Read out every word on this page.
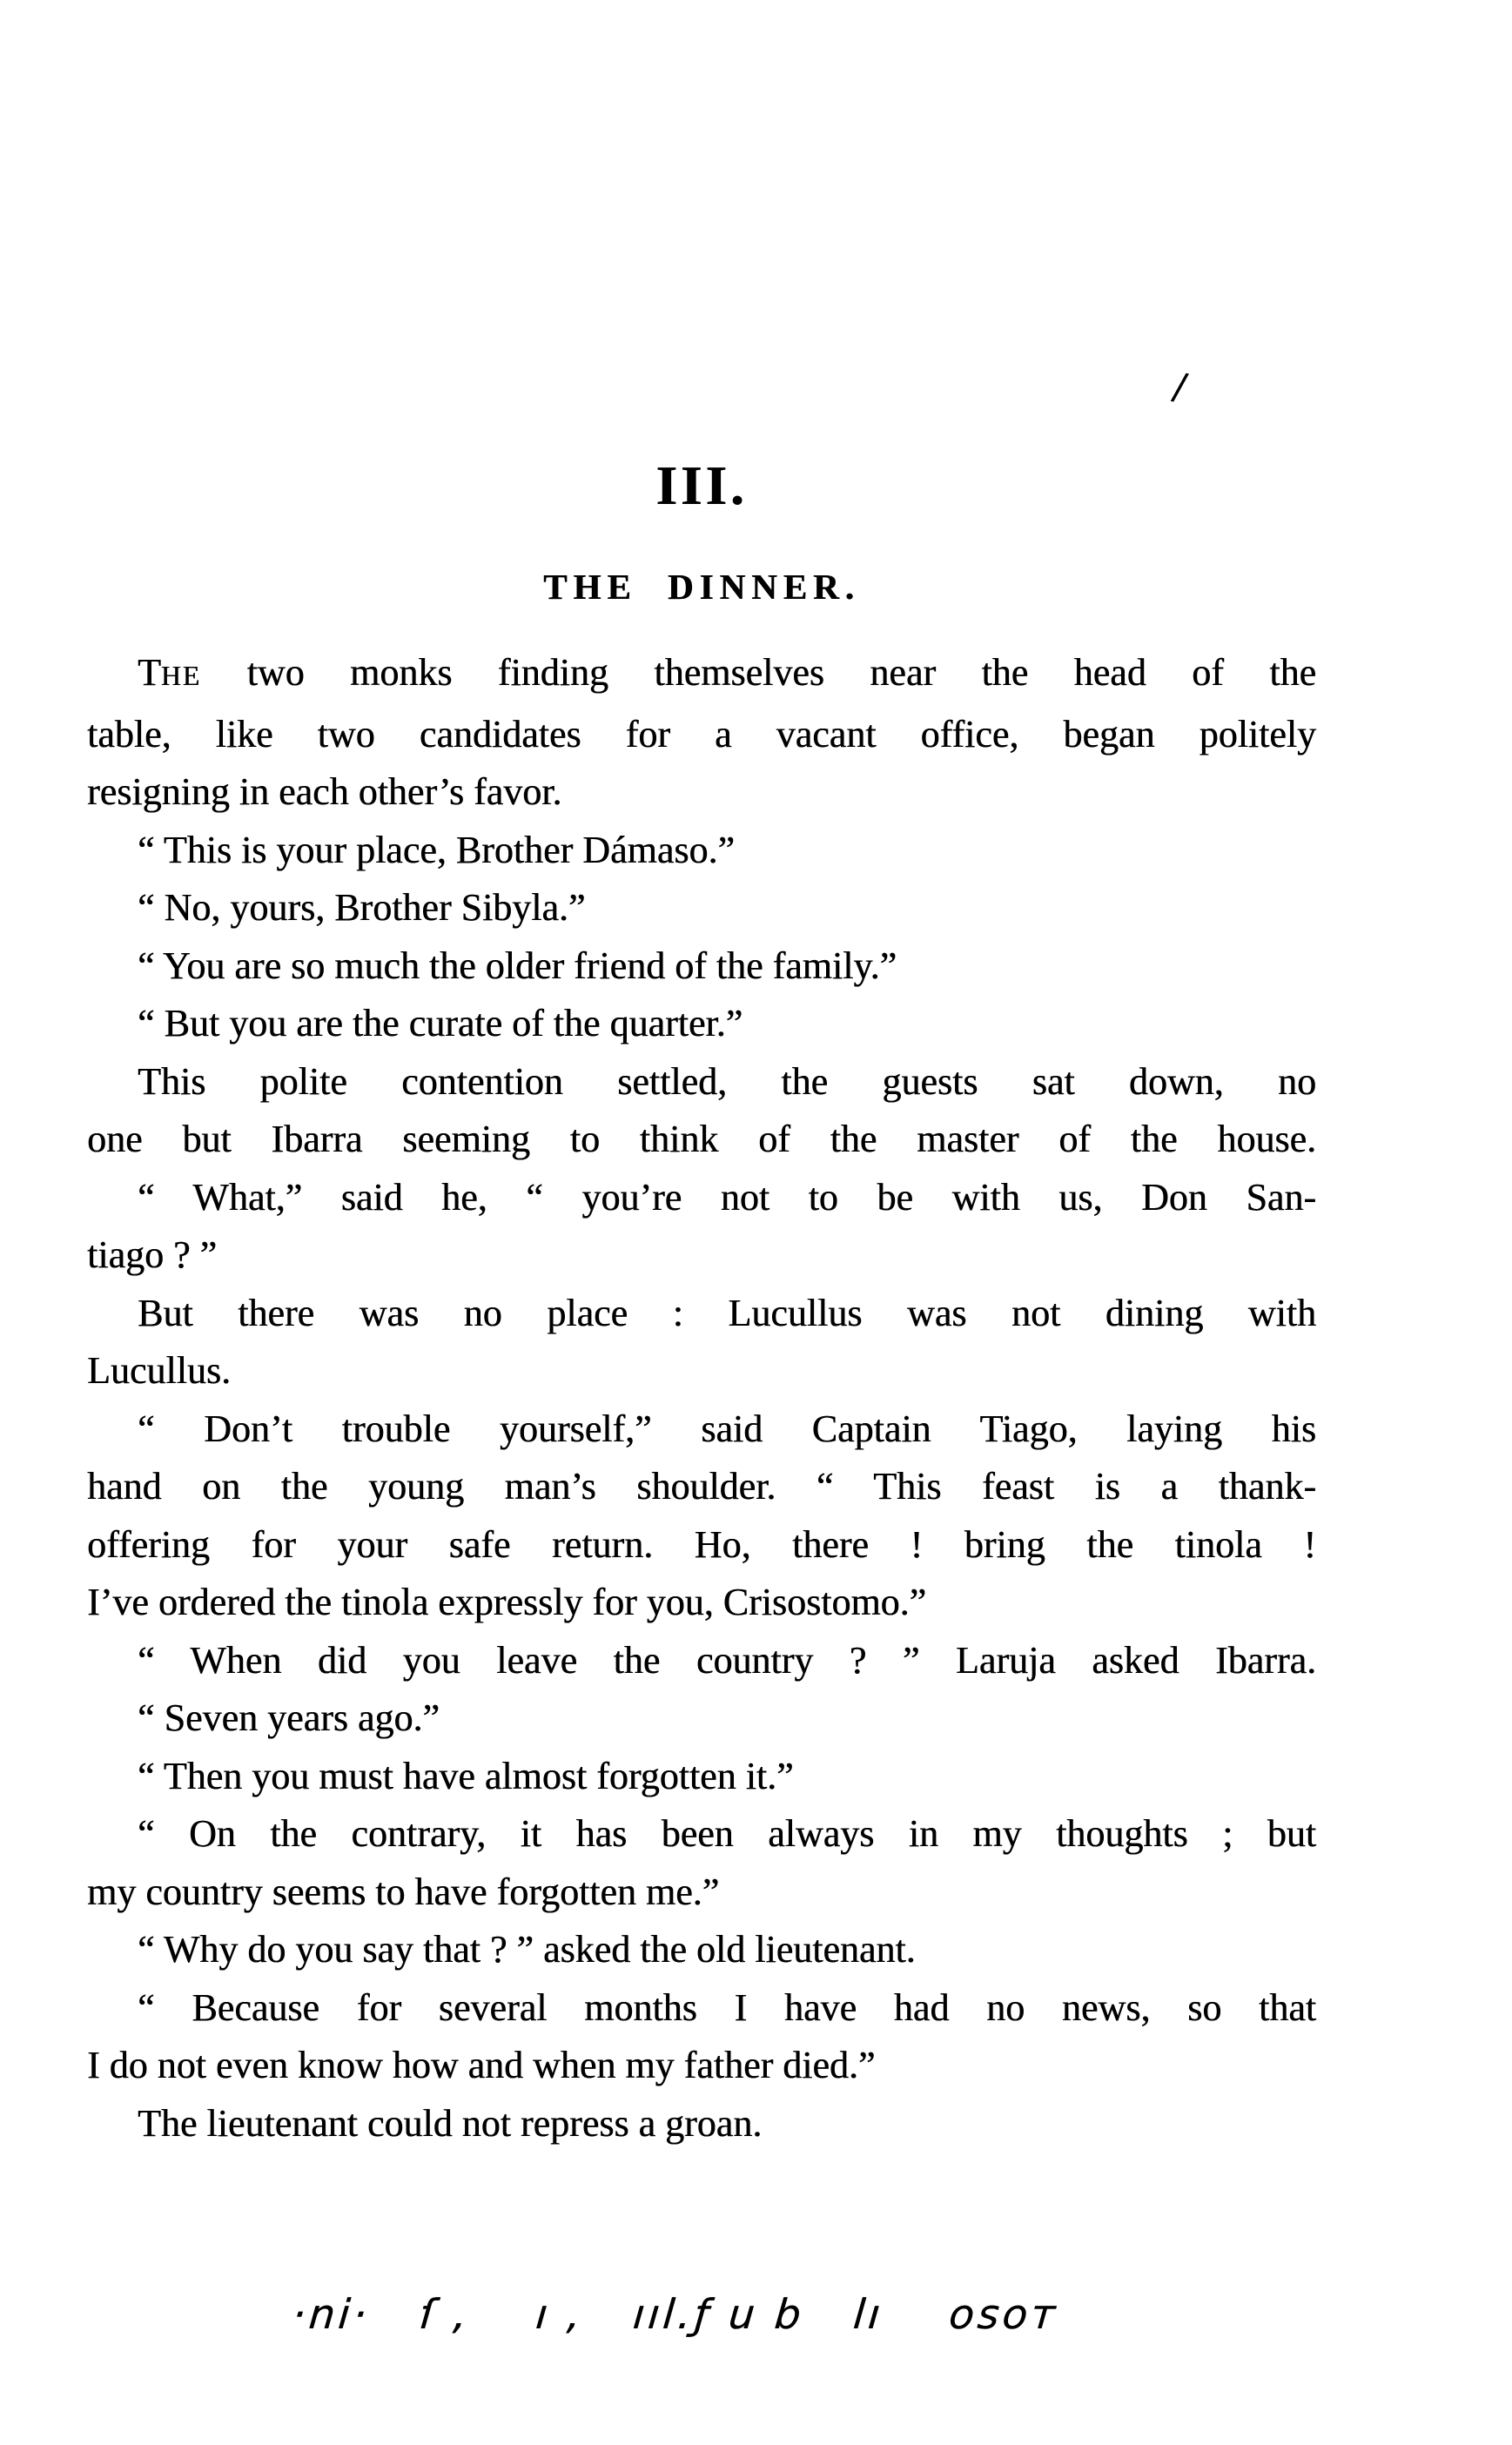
/
III.
THE DINNER.
THE two monks finding themselves near the head of the
table, like two candidates for a vacant office, began politely
resigning in each other’s favor.
“ This is your place, Brother Dámaso.”
“ No, yours, Brother Sibyla.”
“ You are so much the older friend of the family.”
“ But you are the curate of the quarter.”
This polite contention settled, the guests sat down, no
one but Ibarra seeming to think of the master of the house.
“ What,” said he, “ you’re not to be with us, Don San-
tiago ? ”
But there was no place : Lucullus was not dining with
Lucullus.
“ Don’t trouble yourself,” said Captain Tiago, laying his
hand on the young man’s shoulder. “ This feast is a thank-
offering for your safe return. Ho, there ! bring the tinola !
I’ve ordered the tinola expressly for you, Crisostomo.”
“ When did you leave the country ? ” Laruja asked Ibarra.
“ Seven years ago.”
“ Then you must have almost forgotten it.”
“ On the contrary, it has been always in my thoughts ; but
my country seems to have forgotten me.”
“ Why do you say that ? ” asked the old lieutenant.
“ Because for several months I have had no news, so that
I do not even know how and when my father died.”
The lieutenant could not repress a groan.
·ni·   ſ ,    ı ,   ııl.ƒ u b   lı    osoт
